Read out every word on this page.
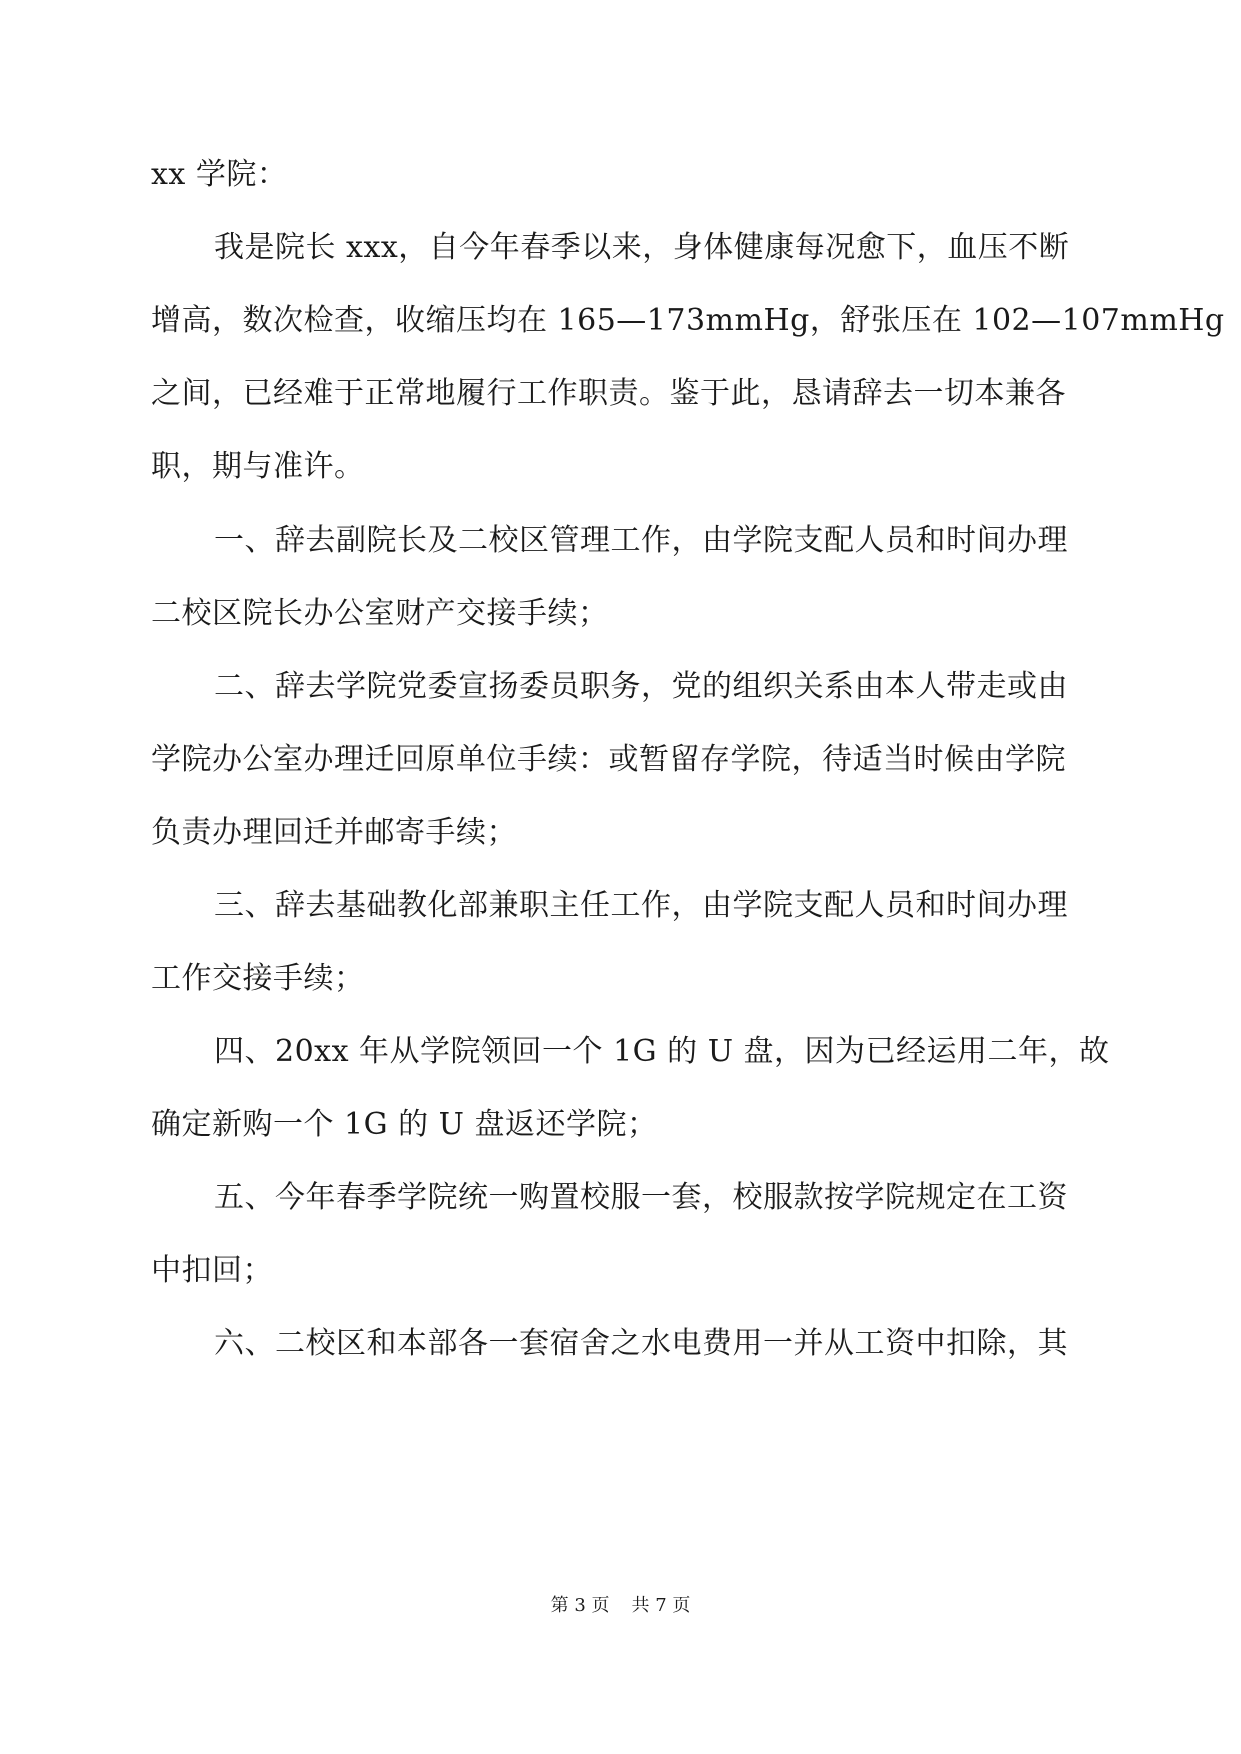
xx 学院：
我是院长 xxx，自今年春季以来，身体健康每况愈下，血压不断
增高，数次检查，收缩压均在 165—173mmHg，舒张压在 102—107mmHg
之间，已经难于正常地履行工作职责。鉴于此，恳请辞去一切本兼各
职，期与准许。
一、辞去副院长及二校区管理工作，由学院支配人员和时间办理
二校区院长办公室财产交接手续；
二、辞去学院党委宣扬委员职务，党的组织关系由本人带走或由
学院办公室办理迁回原单位手续：或暂留存学院，待适当时候由学院
负责办理回迁并邮寄手续；
三、辞去基础教化部兼职主任工作，由学院支配人员和时间办理
工作交接手续；
四、20xx 年从学院领回一个 1G 的 U 盘，因为已经运用二年，故
确定新购一个 1G 的 U 盘返还学院；
五、今年春季学院统一购置校服一套，校服款按学院规定在工资
中扣回；
六、二校区和本部各一套宿舍之水电费用一并从工资中扣除，其
第 3 页 共 7 页
